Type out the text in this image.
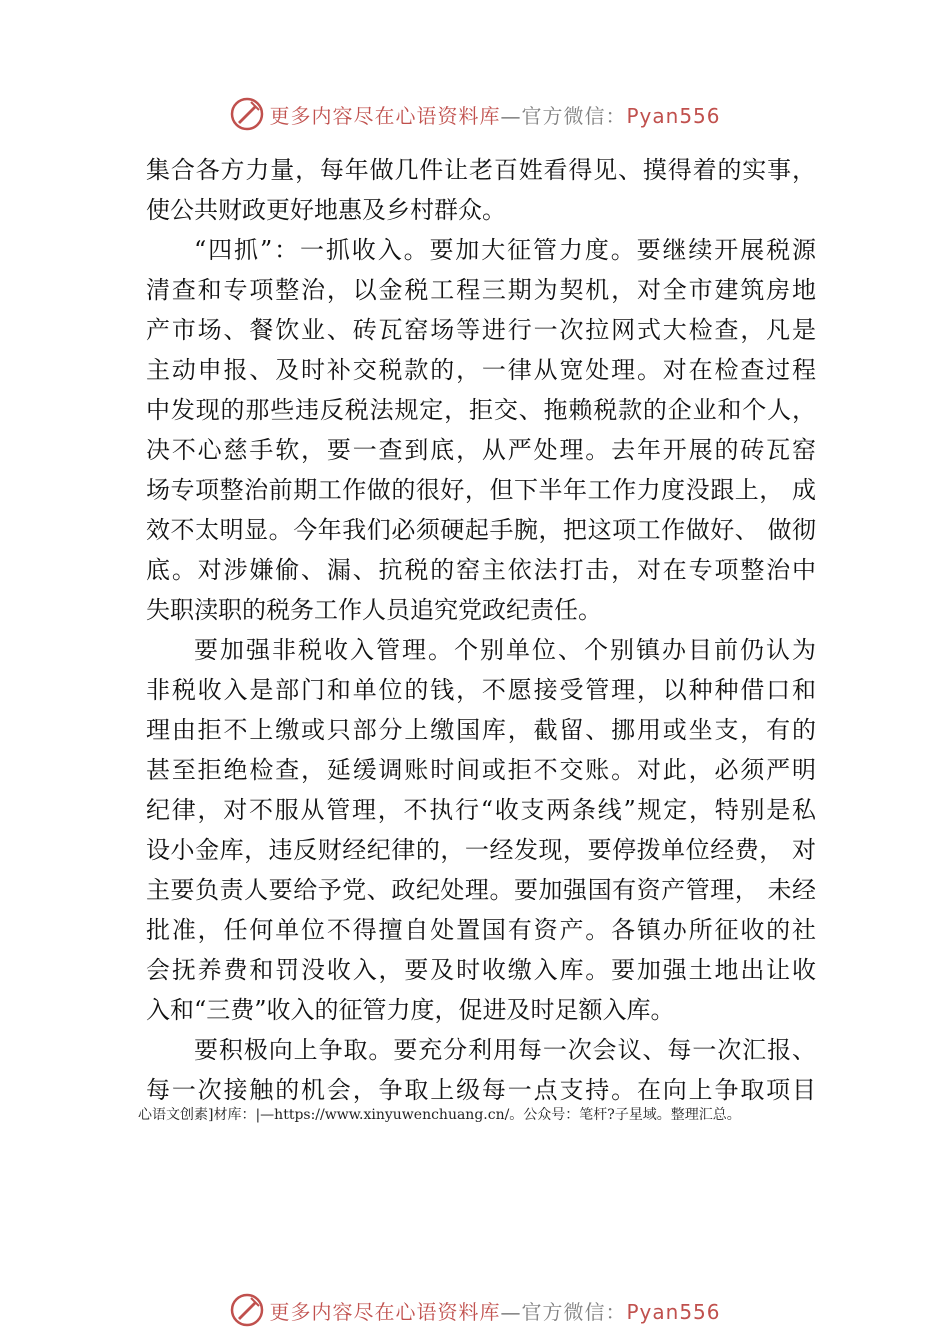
更多内容尽在心语资料库—官方微信：Pyan556
集合各方力量，每年做几件让老百姓看得见、摸得着的实事，
使公共财政更好地惠及乡村群众。
“四抓”：一抓收入。要加大征管力度。要继续开展税源
清查和专项整治，以金税工程三期为契机，对全市建筑房地
产市场、餐饮业、砖瓦窑场等进行一次拉网式大检查，凡是
主动申报、及时补交税款的，一律从宽处理。对在检查过程
中发现的那些违反税法规定，拒交、拖赖税款的企业和个人，
决不心慈手软，要一查到底，从严处理。去年开展的砖瓦窑
场专项整治前期工作做的很好，但下半年工作力度没跟上， 成
效不太明显。今年我们必须硬起手腕，把这项工作做好、 做彻
底。对涉嫌偷、漏、抗税的窑主依法打击，对在专项整治中
失职渎职的税务工作人员追究党政纪责任。
要加强非税收入管理。个别单位、个别镇办目前仍认为
非税收入是部门和单位的钱，不愿接受管理，以种种借口和
理由拒不上缴或只部分上缴国库，截留、挪用或坐支，有的
甚至拒绝检查，延缓调账时间或拒不交账。对此，必须严明
纪律，对不服从管理，不执行“收支两条线”规定，特别是私
设小金库，违反财经纪律的，一经发现，要停拨单位经费， 对
主要负责人要给予党、政纪处理。要加强国有资产管理， 未经
批准，任何单位不得擅自处置国有资产。各镇办所征收的社
会抚养费和罚没收入，要及时收缴入库。要加强土地出让收
入和“三费”收入的征管力度，促进及时足额入库。
要积极向上争取。要充分利用每一次会议、每一次汇报、
每一次接触的机会，争取上级每一点支持。在向上争取项目
心语文创素]材库：|—https://www.xinyuwenchuang.cn/。公众号：笔杆?子星域。整理汇总。
更多内容尽在心语资料库—官方微信：Pyan556
